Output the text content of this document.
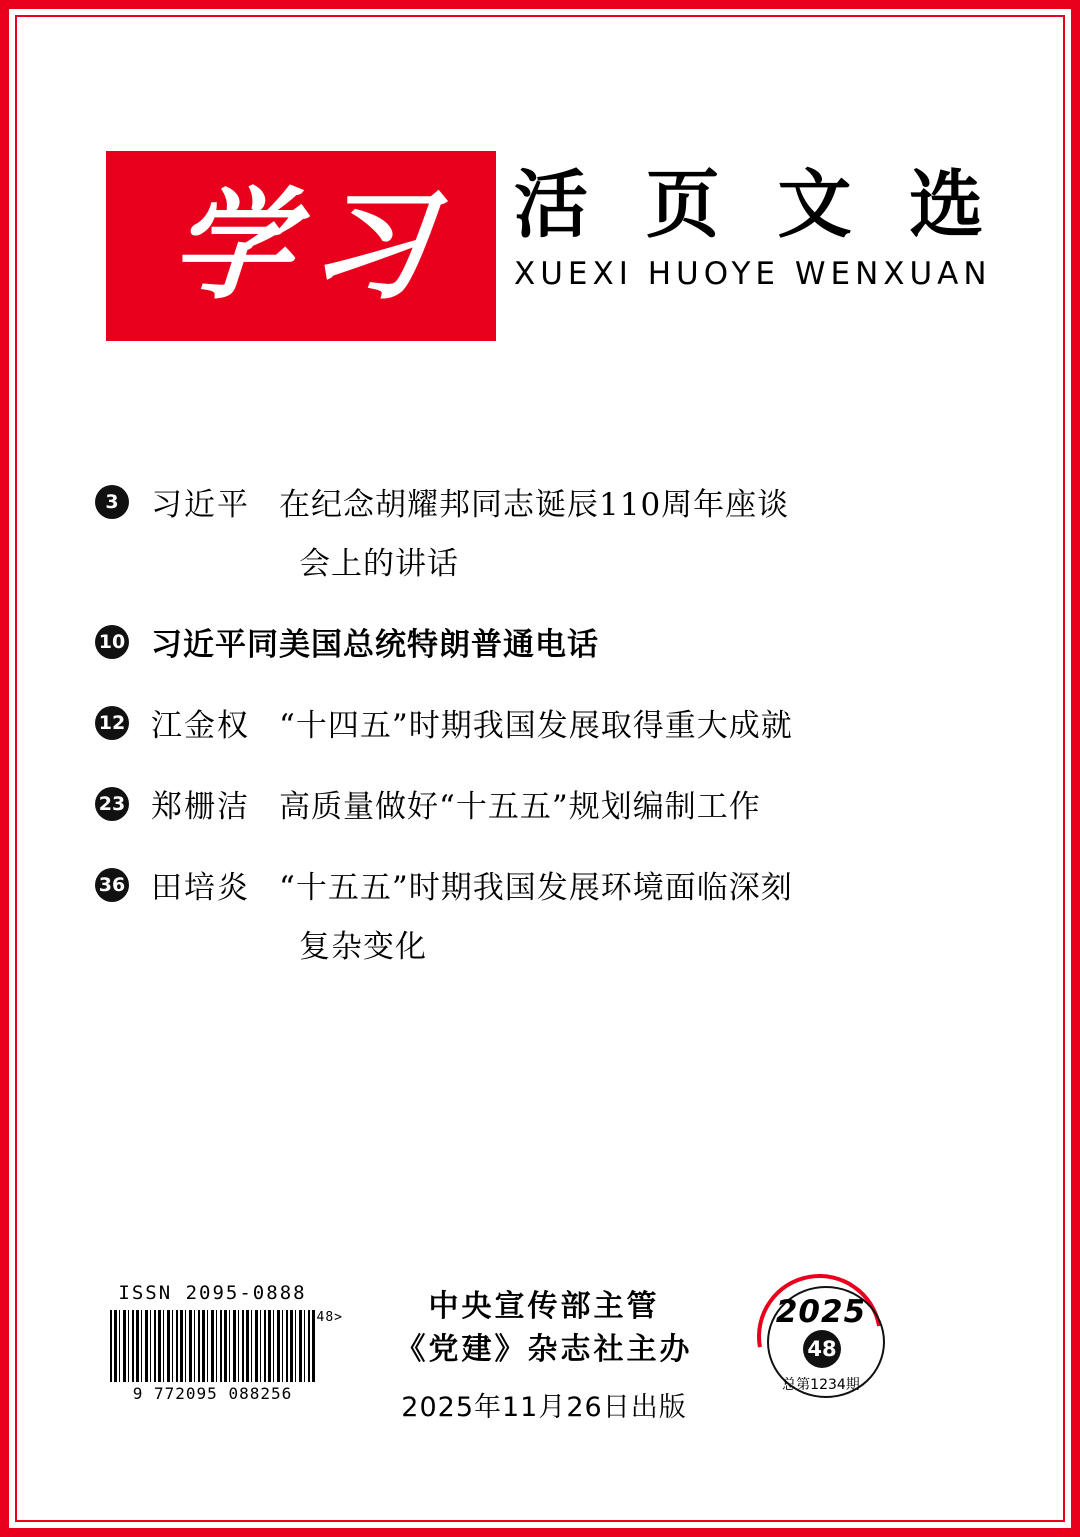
学习 活 页 文 选
XUEXI HUOYE WENXUAN
3	习近平 在纪念胡耀邦同志诞辰110周年座谈
会上的讲话
10 习近平同美国总统特朗普通电话
12 江金权 “十四五”时期我国发展取得重大成就
23 郑栅洁 高质量做好“十五五”规划编制工作
36 田培炎 “十五五”时期我国发展环境面临深刻
复杂变化
ISSN 2095-0888
48>
9 772095 088256
中央宣传部主管
《党建》杂志社主办
2025年11月26日出版
2025
48
总第1234期
